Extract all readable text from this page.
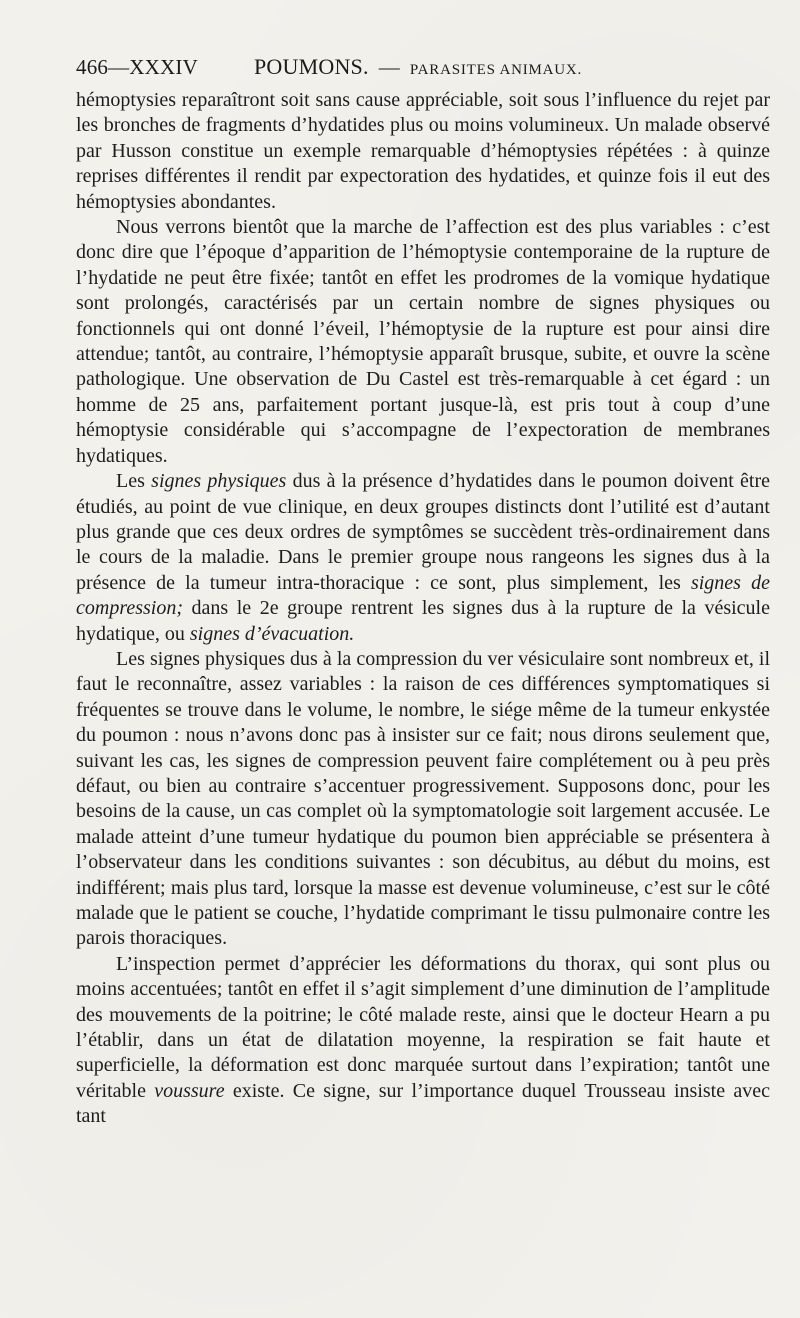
466—XXXIV	POUMONS. — PARASITES ANIMAUX.

hémoptysies reparaîtront soit sans cause appréciable, soit sous l’influence du rejet par les bronches de fragments d’hydatides plus ou moins volumineux. Un malade observé par Husson constitue un exemple remarquable d’hémoptysies répétées : à quinze reprises différentes il rendit par expectoration des hydatides, et quinze fois il eut des hémoptysies abondantes.

Nous verrons bientôt que la marche de l’affection est des plus variables : c’est donc dire que l’époque d’apparition de l’hémoptysie contemporaine de la rupture de l’hydatide ne peut être fixée; tantôt en effet les prodromes de la vomique hydatique sont prolongés, caractérisés par un certain nombre de signes physiques ou fonctionnels qui ont donné l’éveil, l’hémoptysie de la rupture est pour ainsi dire attendue; tantôt, au contraire, l’hémoptysie apparaît brusque, subite, et ouvre la scène pathologique. Une observation de Du Castel est très-remarquable à cet égard : un homme de 25 ans, parfaitement portant jusque-là, est pris tout à coup d’une hémoptysie considérable qui s’accompagne de l’expectoration de membranes hydatiques.

Les signes physiques dus à la présence d’hydatides dans le poumon doivent être étudiés, au point de vue clinique, en deux groupes distincts dont l’utilité est d’autant plus grande que ces deux ordres de symptômes se succèdent très-ordinairement dans le cours de la maladie. Dans le premier groupe nous rangeons les signes dus à la présence de la tumeur intra-thoracique : ce sont, plus simplement, les signes de compression; dans le 2e groupe rentrent les signes dus à la rupture de la vésicule hydatique, ou signes d’évacuation.

Les signes physiques dus à la compression du ver vésiculaire sont nombreux et, il faut le reconnaître, assez variables : la raison de ces différences symptomatiques si fréquentes se trouve dans le volume, le nombre, le siége même de la tumeur enkystée du poumon : nous n’avons donc pas à insister sur ce fait; nous dirons seulement que, suivant les cas, les signes de compression peuvent faire complétement ou à peu près défaut, ou bien au contraire s’accentuer progressivement. Supposons donc, pour les besoins de la cause, un cas complet où la symptomatologie soit largement accusée. Le malade atteint d’une tumeur hydatique du poumon bien appréciable se présentera à l’observateur dans les conditions suivantes : son décubitus, au début du moins, est indifférent; mais plus tard, lorsque la masse est devenue volumineuse, c’est sur le côté malade que le patient se couche, l’hydatide comprimant le tissu pulmonaire contre les parois thoraciques.

L’inspection permet d’apprécier les déformations du thorax, qui sont plus ou moins accentuées; tantôt en effet il s’agit simplement d’une diminution de l’amplitude des mouvements de la poitrine; le côté malade reste, ainsi que le docteur Hearn a pu l’établir, dans un état de dilatation moyenne, la respiration se fait haute et superficielle, la déformation est donc marquée surtout dans l’expiration; tantôt une véritable voussure existe. Ce signe, sur l’importance duquel Trousseau insiste avec tant
